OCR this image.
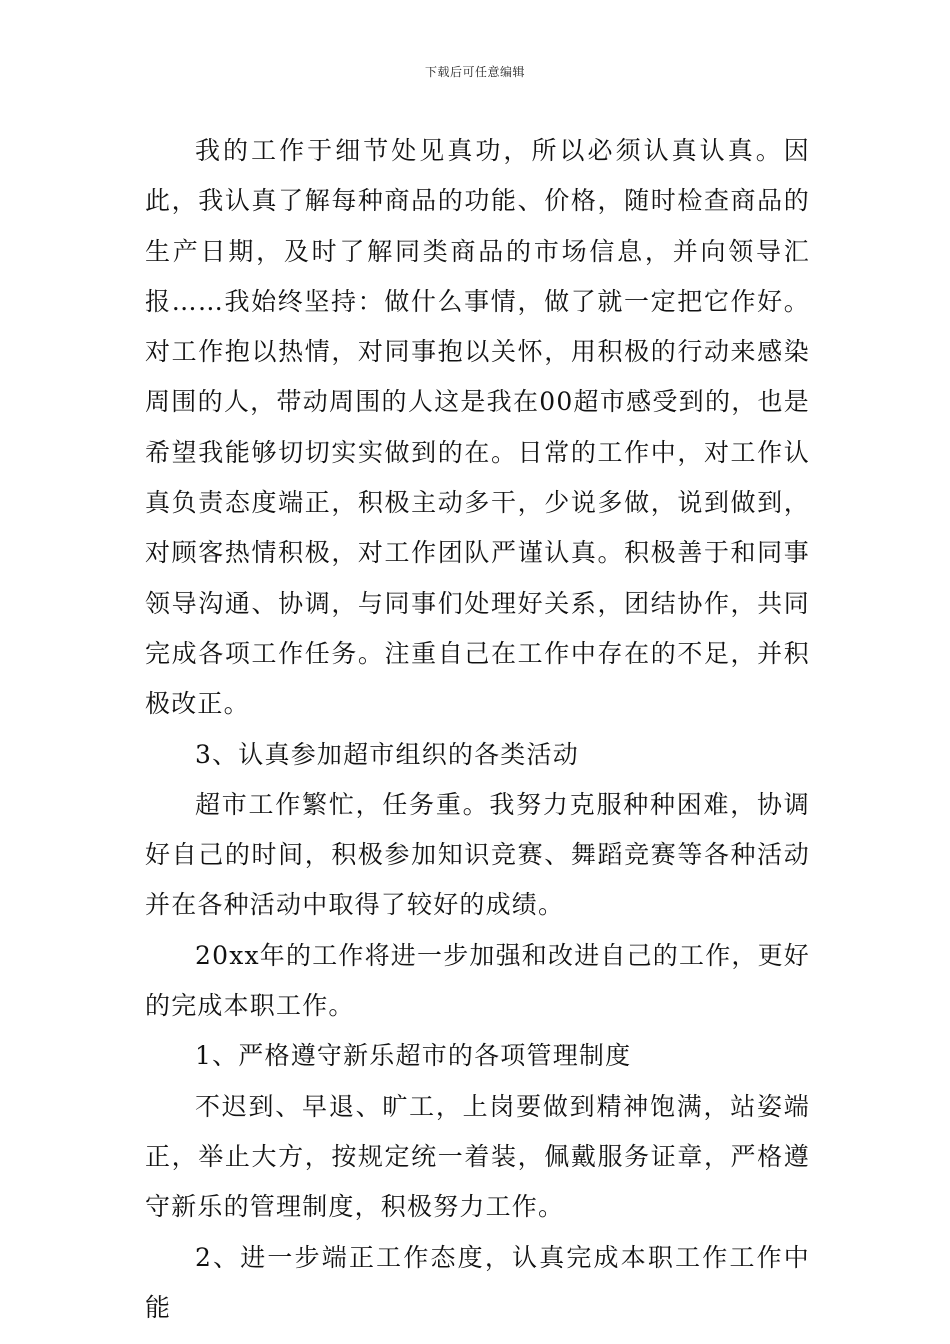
下载后可任意编辑

我的工作于细节处见真功，所以必须认真认真。因此，我认真了解每种商品的功能、价格，随时检查商品的生产日期，及时了解同类商品的市场信息，并向领导汇报……我始终坚持：做什么事情，做了就一定把它作好。对工作抱以热情，对同事抱以关怀，用积极的行动来感染周围的人，带动周围的人这是我在00超市感受到的，也是希望我能够切切实实做到的在。日常的工作中，对工作认真负责态度端正，积极主动多干，少说多做，说到做到，对顾客热情积极，对工作团队严谨认真。积极善于和同事领导沟通、协调，与同事们处理好关系，团结协作，共同完成各项工作任务。注重自己在工作中存在的不足，并积极改正。

3、认真参加超市组织的各类活动

超市工作繁忙，任务重。我努力克服种种困难，协调好自己的时间，积极参加知识竞赛、舞蹈竞赛等各种活动并在各种活动中取得了较好的成绩。

20xx年的工作将进一步加强和改进自己的工作，更好的完成本职工作。

1、严格遵守新乐超市的各项管理制度

不迟到、早退、旷工，上岗要做到精神饱满，站姿端正，举止大方，按规定统一着装，佩戴服务证章，严格遵守新乐的管理制度，积极努力工作。

2、进一步端正工作态度，认真完成本职工作工作中能
